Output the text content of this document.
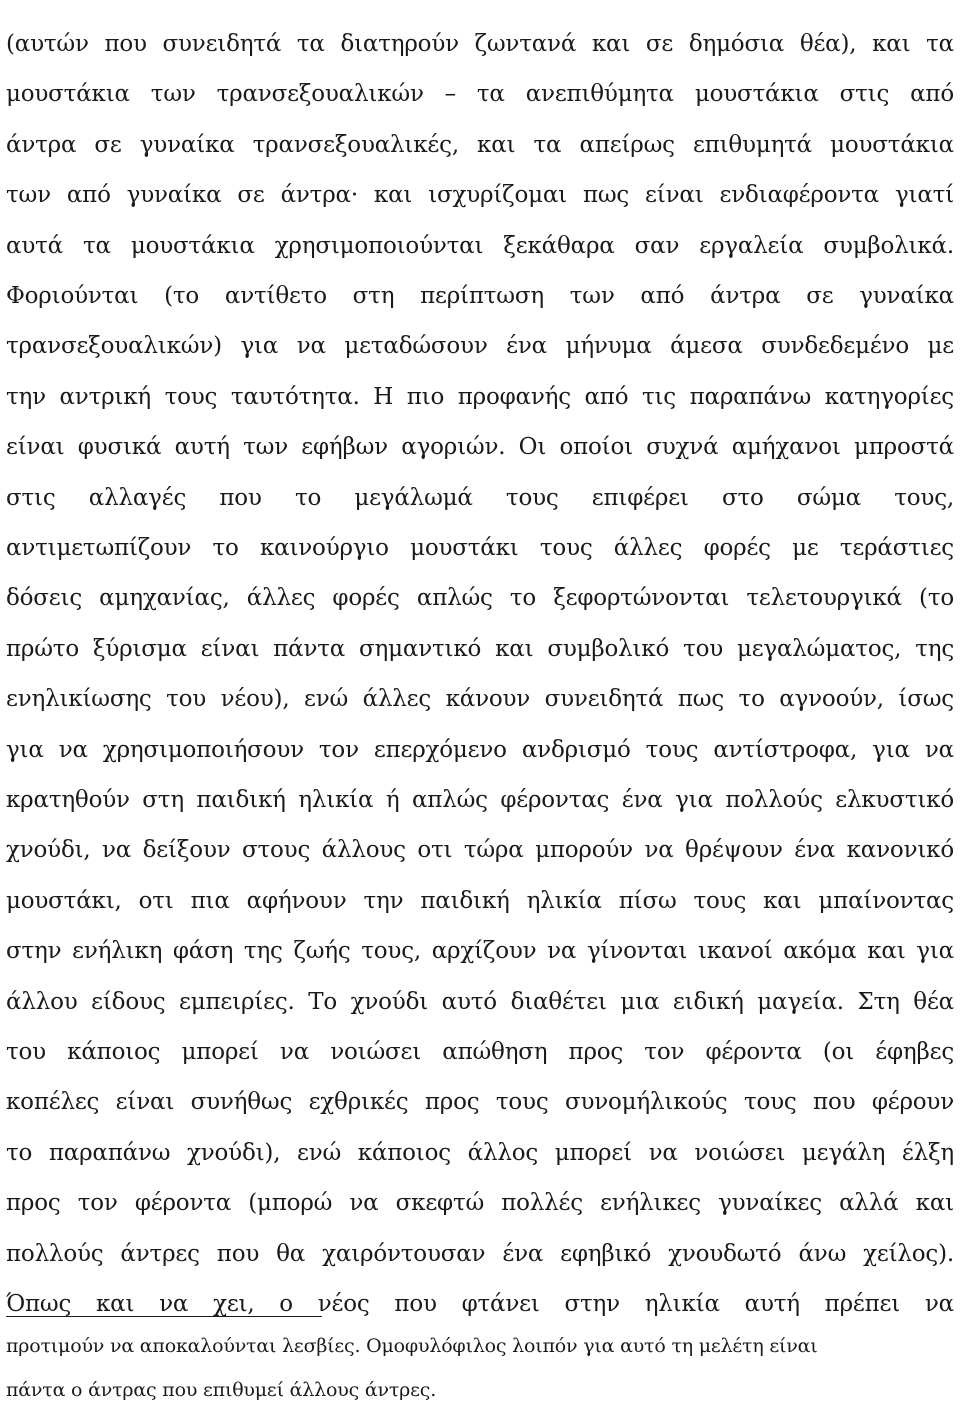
(αυτών που συνειδητά τα διατηρούν ζωντανά και σε δημόσια θέα), και τα
μουστάκια των τρανσεξουαλικών – τα ανεπιθύμητα μουστάκια στις από
άντρα σε γυναίκα τρανσεξουαλικές, και τα απείρως επιθυμητά μουστάκια
των από γυναίκα σε άντρα· και ισχυρίζομαι πως είναι ενδιαφέροντα γιατί
αυτά τα μουστάκια χρησιμοποιούνται ξεκάθαρα σαν εργαλεία συμβολικά.
Φοριούνται (το αντίθετο στη περίπτωση των από άντρα σε γυναίκα
τρανσεξουαλικών) για να μεταδώσουν ένα μήνυμα άμεσα συνδεδεμένο με
την αντρική τους ταυτότητα. Η πιο προφανής από τις παραπάνω κατηγορίες
είναι φυσικά αυτή των εφήβων αγοριών. Οι οποίοι συχνά αμήχανοι μπροστά
στις αλλαγές που το μεγάλωμά τους επιφέρει στο σώμα τους,
αντιμετωπίζουν το καινούργιο μουστάκι τους άλλες φορές με τεράστιες
δόσεις αμηχανίας, άλλες φορές απλώς το ξεφορτώνονται τελετουργικά (το
πρώτο ξύρισμα είναι πάντα σημαντικό και συμβολικό του μεγαλώματος, της
ενηλικίωσης του νέου), ενώ άλλες κάνουν συνειδητά πως το αγνοούν, ίσως
για να χρησιμοποιήσουν τον επερχόμενο ανδρισμό τους αντίστροφα, για να
κρατηθούν στη παιδική ηλικία ή απλώς φέροντας ένα για πολλούς ελκυστικό
χνούδι, να δείξουν στους άλλους οτι τώρα μπορούν να θρέψουν ένα κανονικό
μουστάκι, οτι πια αφήνουν την παιδική ηλικία πίσω τους και μπαίνοντας
στην ενήλικη φάση της ζωής τους, αρχίζουν να γίνονται ικανοί ακόμα και για
άλλου είδους εμπειρίες. Το χνούδι αυτό διαθέτει μια ειδική μαγεία. Στη θέα
του κάποιος μπορεί να νοιώσει απώθηση προς τον φέροντα (οι έφηβες
κοπέλες είναι συνήθως εχθρικές προς τους συνομήλικούς τους που φέρουν
το παραπάνω χνούδι), ενώ κάποιος άλλος μπορεί να νοιώσει μεγάλη έλξη
προς τον φέροντα (μπορώ να σκεφτώ πολλές ενήλικες γυναίκες αλλά και
πολλούς άντρες που θα χαιρόντουσαν ένα εφηβικό χνουδωτό άνω χείλος).
Όπως και να χει, ο νέος που φτάνει στην ηλικία αυτή πρέπει να
προτιμούν να αποκαλούνται λεσβίες. Ομοφυλόφιλος λοιπόν για αυτό τη μελέτη είναι
πάντα ο άντρας που επιθυμεί άλλους άντρες.
